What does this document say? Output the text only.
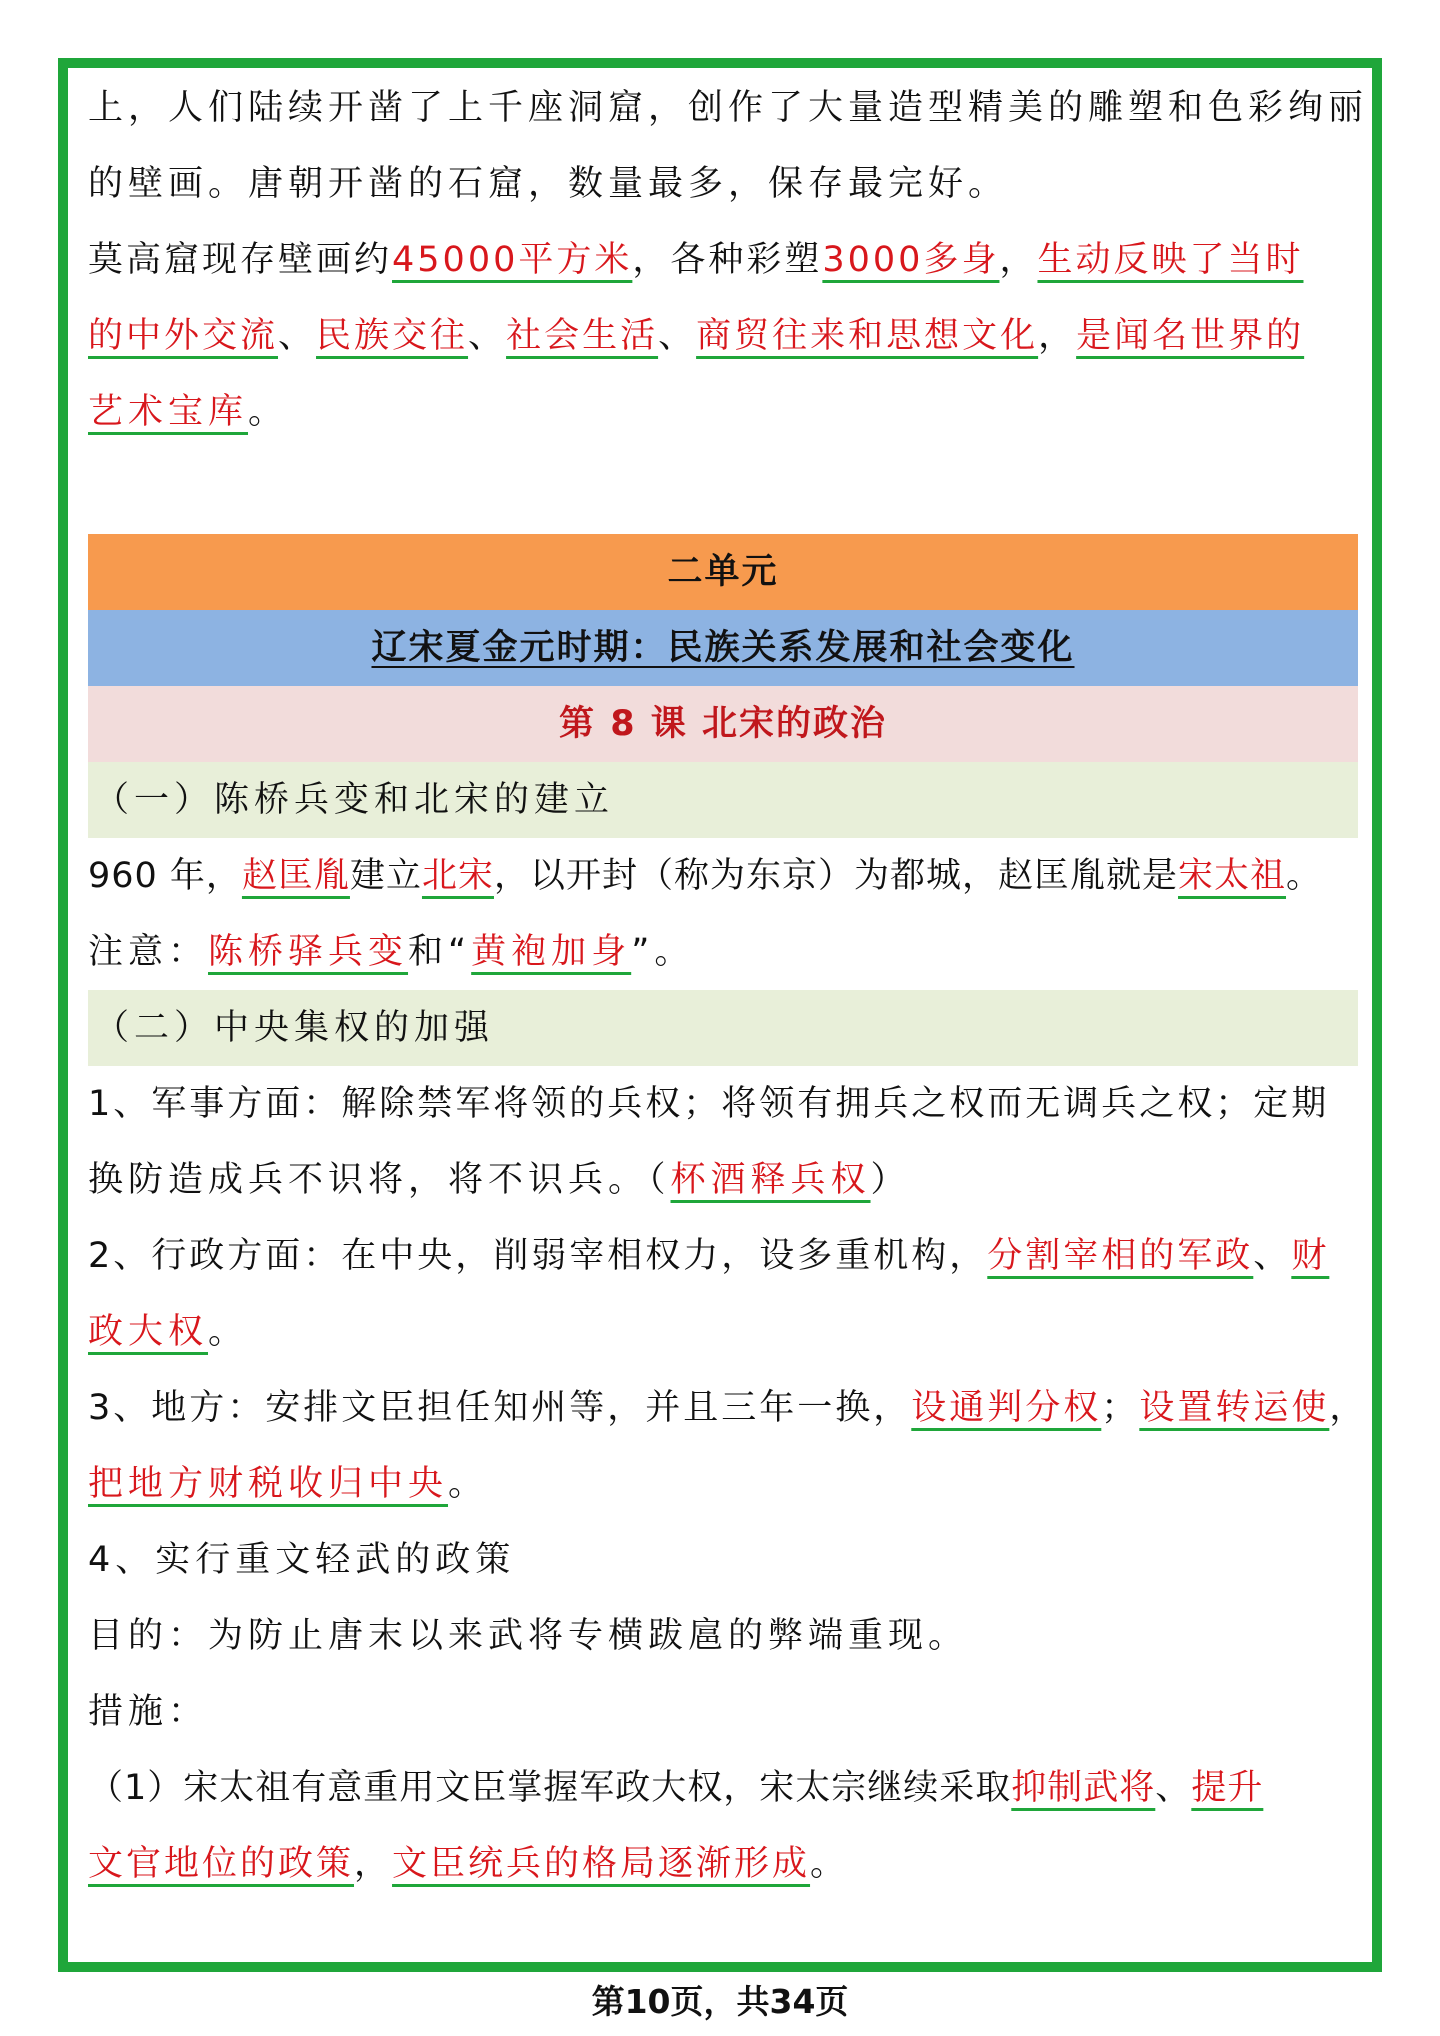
上，人们陆续开凿了上千座洞窟，创作了大量造型精美的雕塑和色彩绚丽
的壁画。唐朝开凿的石窟，数量最多，保存最完好。
莫高窟现存壁画约45000平方米，各种彩塑3000多身，生动反映了当时
的中外交流、民族交往、社会生活、商贸往来和思想文化，是闻名世界的
艺术宝库。
二单元
辽宋夏金元时期：民族关系发展和社会变化
第 8 课 北宋的政治
（一）陈桥兵变和北宋的建立
960 年，赵匡胤建立北宋，以开封（称为东京）为都城，赵匡胤就是宋太祖。
注意：陈桥驿兵变和“黄袍加身”。
（二）中央集权的加强
1、军事方面：解除禁军将领的兵权；将领有拥兵之权而无调兵之权；定期
换防造成兵不识将，将不识兵。（杯酒释兵权）
2、行政方面：在中央，削弱宰相权力，设多重机构，分割宰相的军政、财
政大权。
3、地方：安排文臣担任知州等，并且三年一换，设通判分权；设置转运使，
把地方财税收归中央。
4、实行重文轻武的政策
目的：为防止唐末以来武将专横跋扈的弊端重现。
措施：
（1）宋太祖有意重用文臣掌握军政大权，宋太宗继续采取抑制武将、提升
文官地位的政策，文臣统兵的格局逐渐形成。
第10页，共34页
